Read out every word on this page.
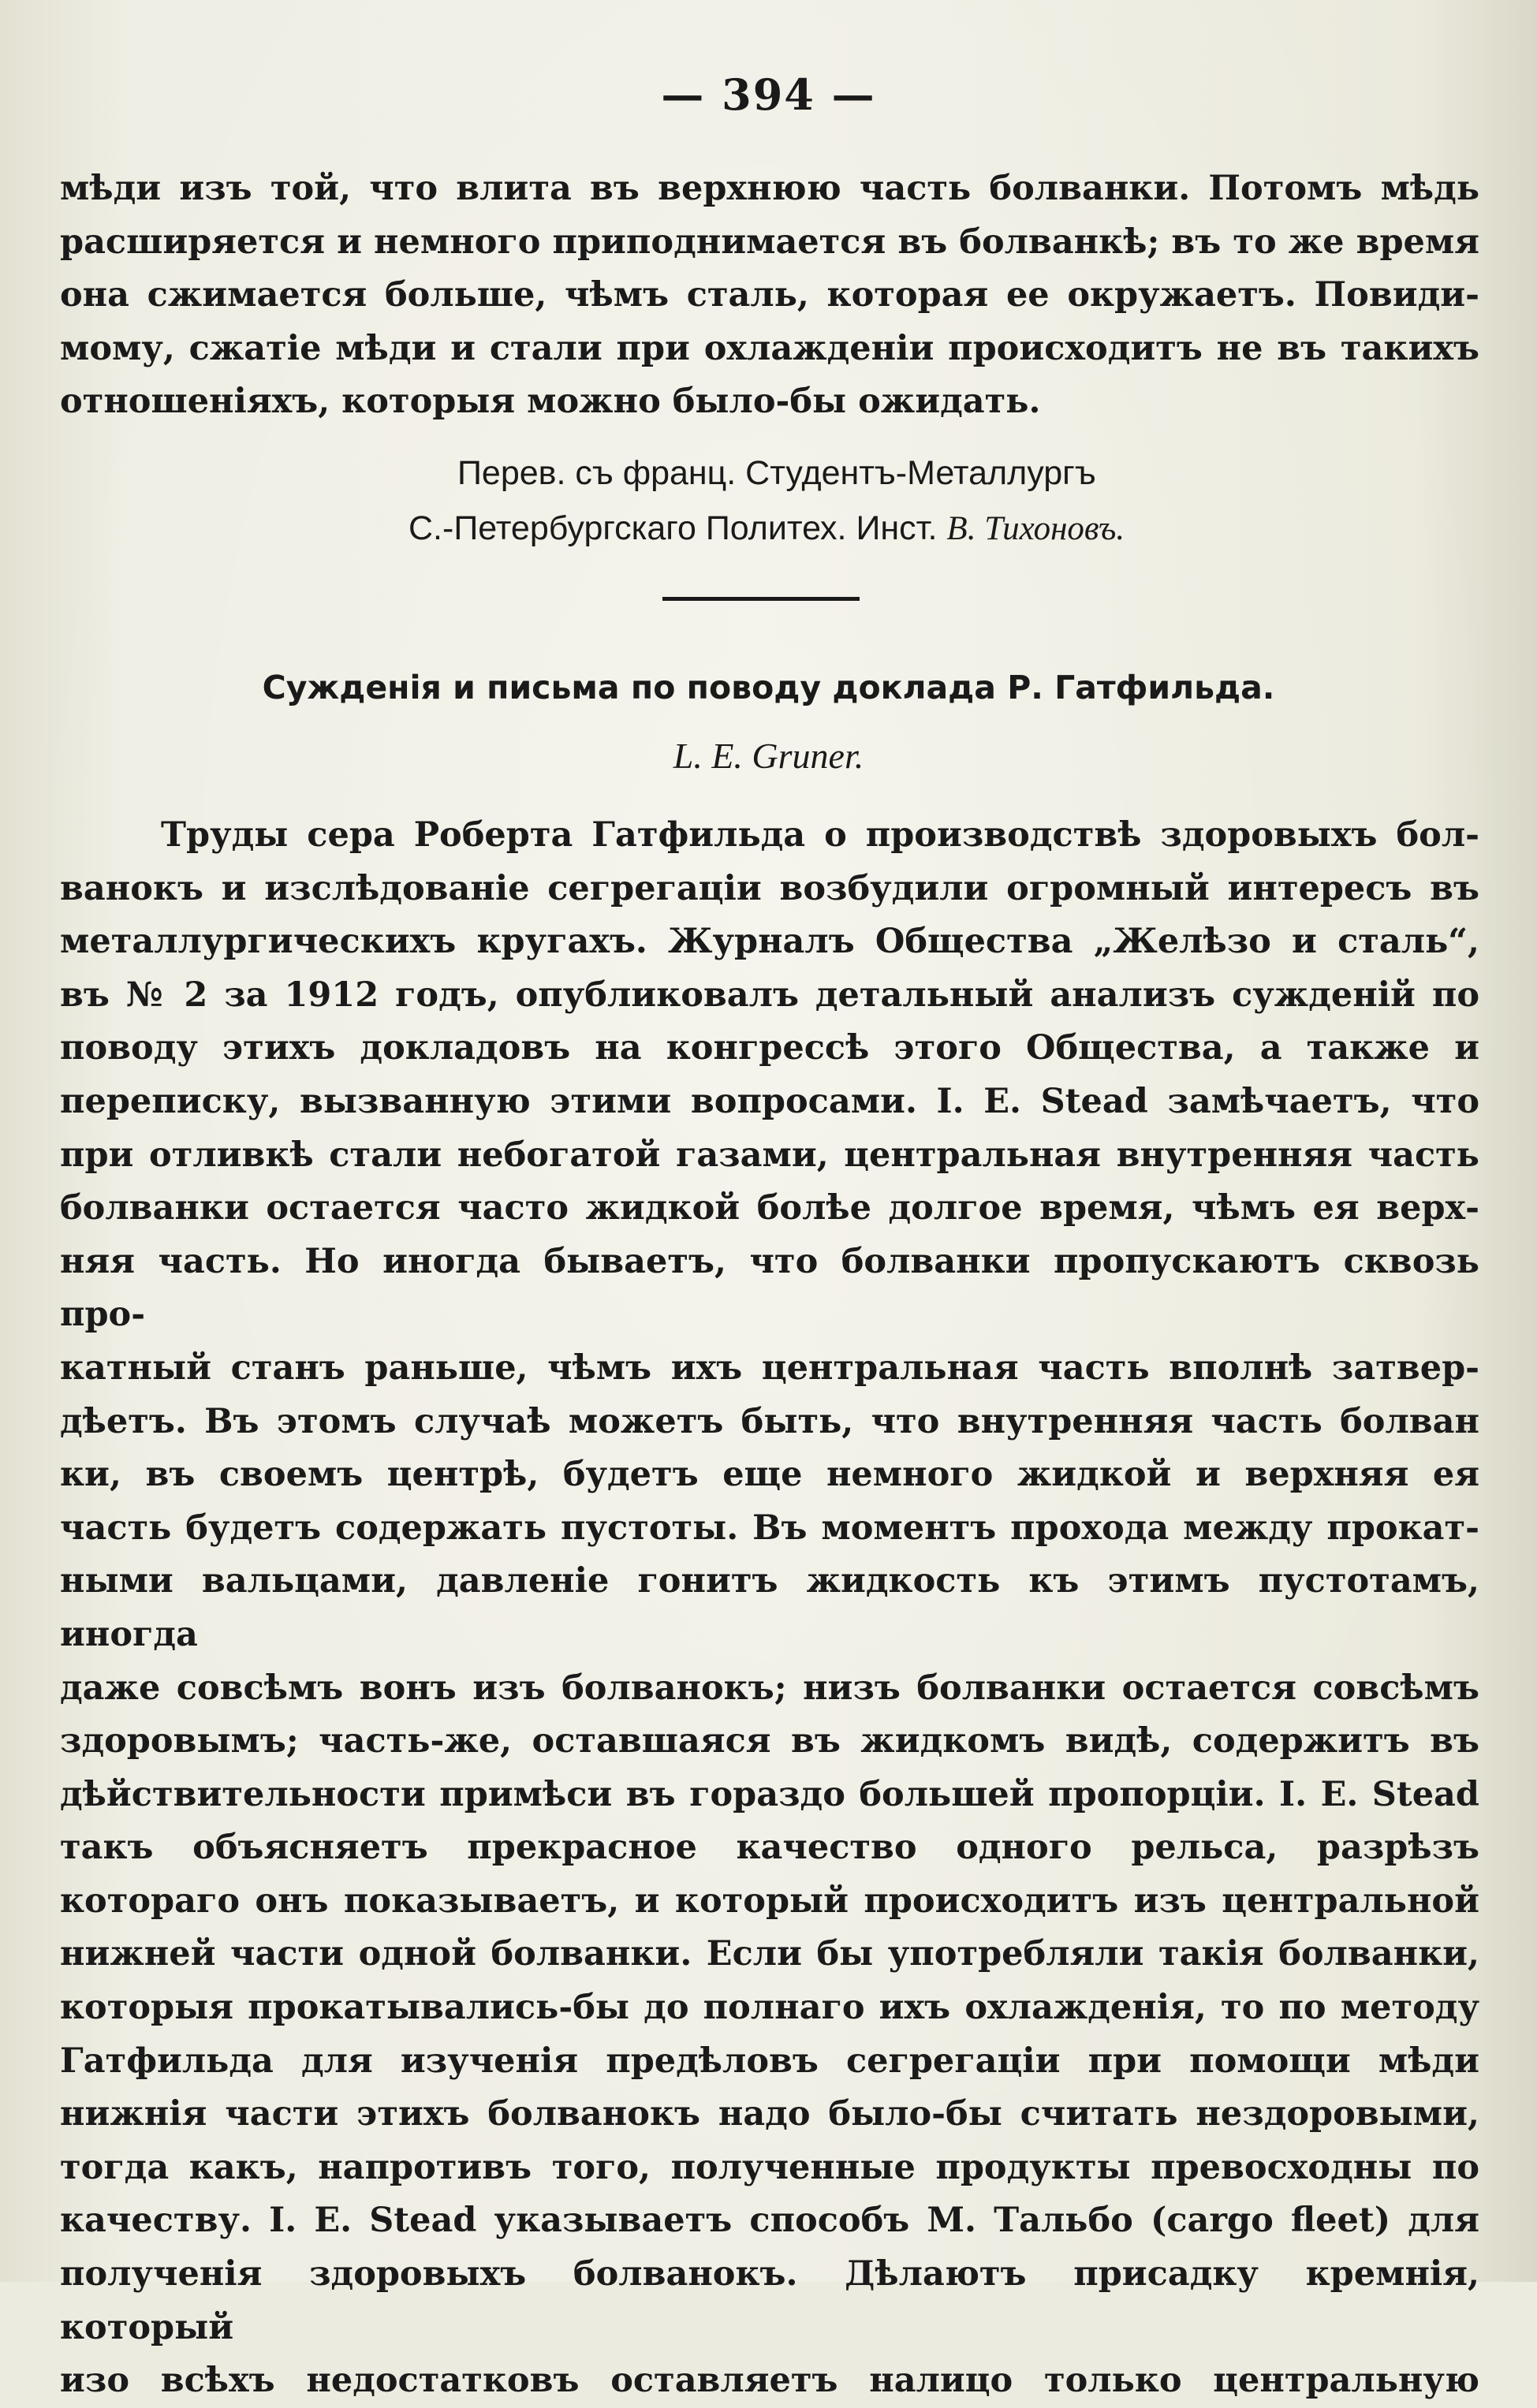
— 394 —
мѣди изъ той, что влита въ верхнюю часть болванки. Потомъ мѣдь
расширяется и немного приподнимается въ болванкѣ; въ то же время
она сжимается больше, чѣмъ сталь, которая ее окружаетъ. Повиди-
мому, сжатіе мѣди и стали при охлажденіи происходитъ не въ такихъ
отношеніяхъ, которыя можно было-бы ожидать.
Перев. съ франц. Студентъ-Металлургъ
С.-Петербургскаго Политех. Инст. В. Тихоновъ.
Сужденія и письма по поводу доклада Р. Гатфильда.
L. E. Gruner.
Труды сера Роберта Гатфильда о производствѣ здоровыхъ бол-
ванокъ и изслѣдованіе сегрегаціи возбудили огромный интересъ въ
металлургическихъ кругахъ. Журналъ Общества „Желѣзо и сталь“,
въ № 2 за 1912 годъ, опубликовалъ детальный анализъ сужденій по
поводу этихъ докладовъ на конгрессѣ этого Общества, а также и
переписку, вызванную этими вопросами. I. E. Stead замѣчаетъ, что
при отливкѣ стали небогатой газами, центральная внутренняя часть
болванки остается часто жидкой болѣе долгое время, чѣмъ ея верх-
няя часть. Но иногда бываетъ, что болванки пропускаютъ сквозь про-
катный станъ раньше, чѣмъ ихъ центральная часть вполнѣ затвер-
дѣетъ. Въ этомъ случаѣ можетъ быть, что внутренняя часть болван
ки, въ своемъ центрѣ, будетъ еще немного жидкой и верхняя ея
часть будетъ содержать пустоты. Въ моментъ прохода между прокат-
ными вальцами, давленіе гонитъ жидкость къ этимъ пустотамъ, иногда
даже совсѣмъ вонъ изъ болванокъ; низъ болванки остается совсѣмъ
здоровымъ; часть-же, оставшаяся въ жидкомъ видѣ, содержитъ въ
дѣйствительности примѣси въ гораздо большей пропорціи. I. E. Stead
такъ объясняетъ прекрасное качество одного рельса, разрѣзъ
котораго онъ показываетъ, и который происходитъ изъ центральной
нижней части одной болванки. Если бы употребляли такія болванки,
которыя прокатывались-бы до полнаго ихъ охлажденія, то по методу
Гатфильда для изученія предѣловъ сегрегаціи при помощи мѣди
нижнія части этихъ болванокъ надо было-бы считать нездоровыми,
тогда какъ, напротивъ того, полученные продукты превосходны по
качеству. I. E. Stead указываетъ способъ М. Тальбо (cargo fleet) для
полученія здоровыхъ болванокъ. Дѣлаютъ присадку кремнія, который
изо всѣхъ недостатковъ оставляетъ налицо только центральную
